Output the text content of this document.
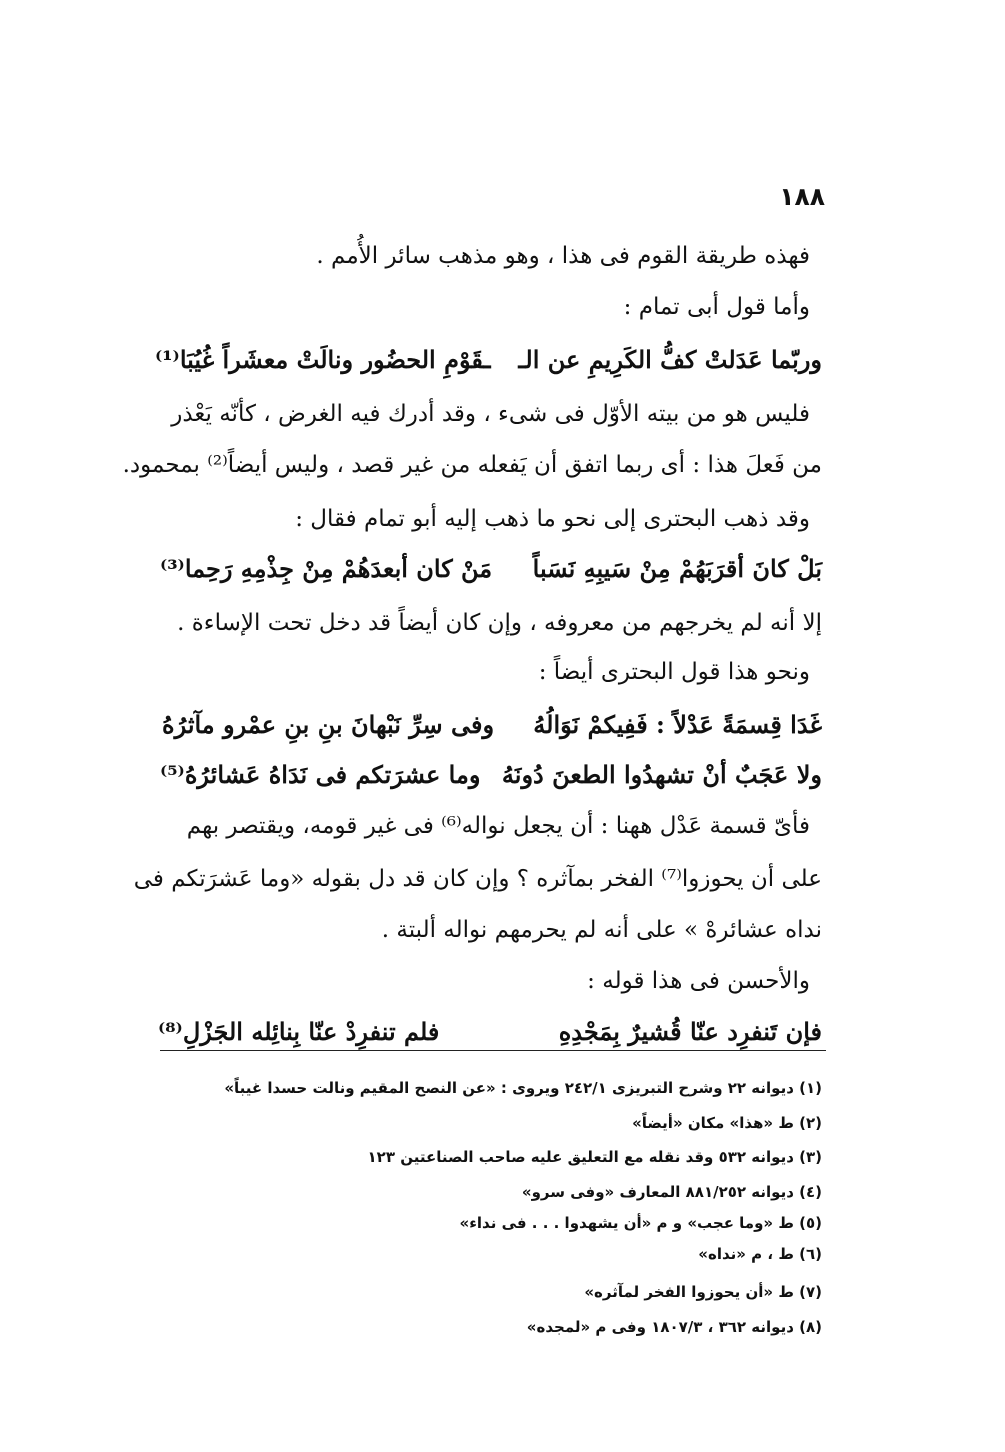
١٨٨
فهذه طريقة القوم فى هذا ، وهو مذهب سائر الأُمم .
وأما قول أبى تمام :
وربّما عَدَلتْ كفُّ الكَرِيمِ عن الـ
ـقَوْمِ الحضُور ونالَتْ معشَراً غُيُبَا⁽¹⁾
فليس هو من بيته الأوّل فى شىء ، وقد أدرك فيه الغرض ، كأنّه يَعْذر
من فَعلَ هذا : أى ربما اتفق أن يَفعله من غير قصد ، وليس أيضاً⁽²⁾ بمحمود.
وقد ذهب البحترى إلى نحو ما ذهب إليه أبو تمام فقال :
بَلْ كانَ أقرَبَهُمْ مِنْ سَيبِهِ نَسَباً
مَنْ كان أبعدَهُمْ مِنْ جِذْمِهِ رَحِما⁽³⁾
إلا أنه لم يخرجهم من معروفه ، وإن كان أيضاً قد دخل تحت الإساءة .
ونحو هذا قول البحترى أيضاً :
غَدَا قِسمَةً عَدْلاً : فَفِيكمْ نَوَالُهُ
وفى سِرِّ نَبْهانَ بنِ بنِ عمْرو مآثرُهُ
ولا عَجَبٌ أنْ تشهدُوا الطعنَ دُونَهُ
وما عشرَتكم فى نَدَاهُ عَشائرُهُ⁽⁵⁾
فأىّ قسمة عَدْل ههنا : أن يجعل نواله⁽⁶⁾ فى غير قومه، ويقتصر بهم
على أن يحوزوا⁽⁷⁾ الفخر بمآثره ؟ وإن كان قد دل بقوله «وما عَشرَتكم فى
نداه عشائرهْ » على أنه لم يحرمهم نواله ألبتة .
والأحسن فى هذا قوله :
فإن تَنفرِد عنّا قُشيرٌ بِمَجْدِهِ
فلم تنفرِدْ عنّا بِنائِله الجَزْلِ⁽⁸⁾
(١) ديوانه ٢٢ وشرح التبريزى ٢٤٢/١ ويروى : «عن النصح المقيم ونالت حسدا غيباً»
(٢) ط «هذا» مكان «أيضاً»
(٣) ديوانه ٥٣٢ وقد نقله مع التعليق عليه صاحب الصناعتين ١٢٣
(٤) ديوانه ٨٨١/٢٥٢ المعارف «وفى سرو»
(٥) ط «وما عجب» و م «أن يشهدوا . . . فى نداء»
(٦) ط ، م «نداه»
(٧) ط «أن يحوزوا الفخر لمآثره»
(٨) ديوانه ٣٦٢ ، ١٨٠٧/٣ وفى م «لمجده»
